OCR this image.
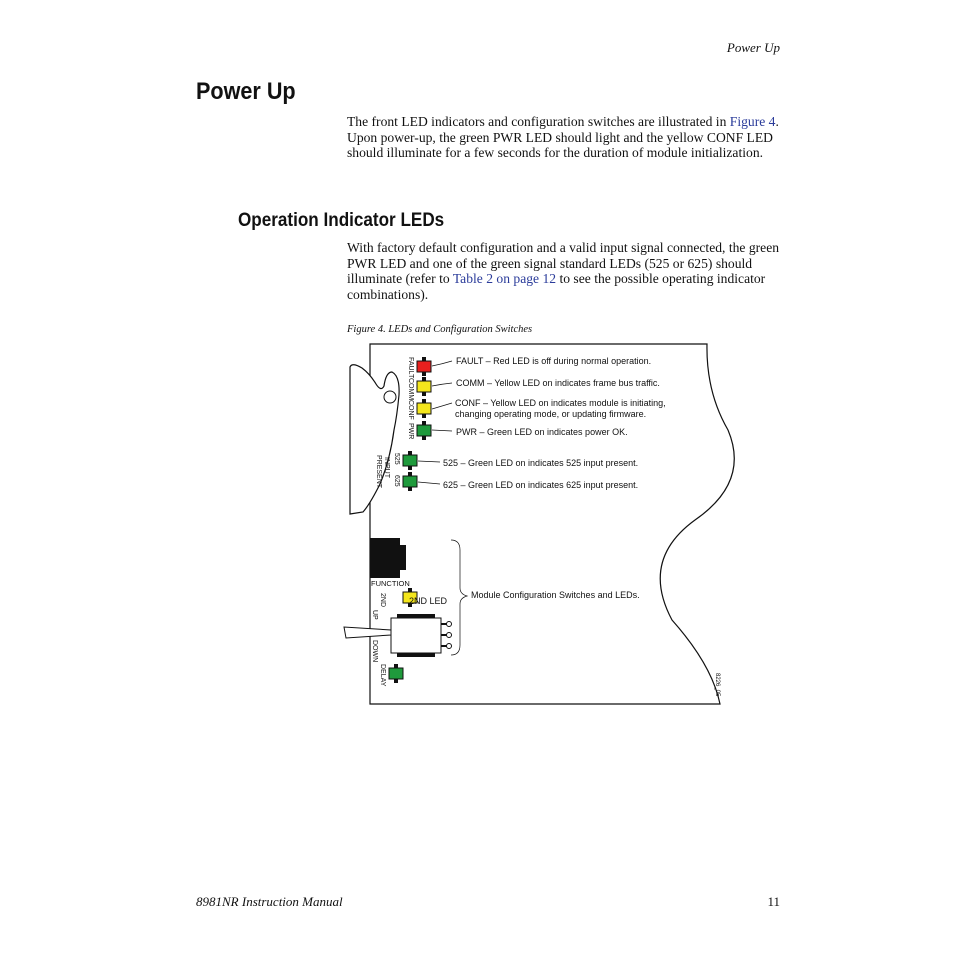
Power Up
Power Up
The front LED indicators and configuration switches are illustrated in Figure 4. Upon power-up, the green PWR LED should light and the yellow CONF LED should illuminate for a few seconds for the duration of module initialization.
Operation Indicator LEDs
With factory default configuration and a valid input signal connected, the green PWR LED and one of the green signal standard LEDs (525 or 625) should illuminate (refer to Table 2 on page 12 to see the possible operating indicator combinations).
Figure 4. LEDs and Configuration Switches
FAULT
COMM
CONF
PWR
525
625
INPUT
PRESENT
2ND
UP
DOWN
DELAY
FUNCTION
FAULT – Red LED is off during normal operation.
COMM – Yellow LED on indicates frame bus traffic.
CONF – Yellow LED on indicates module is initiating,
changing operating mode, or updating firmware.
PWR – Green LED on indicates power OK.
525 – Green LED on indicates 525 input present.
625 – Green LED on indicates 625 input present.
2ND LED
Module Configuration Switches and LEDs.
8226_05
8981NR Instruction Manual	11
